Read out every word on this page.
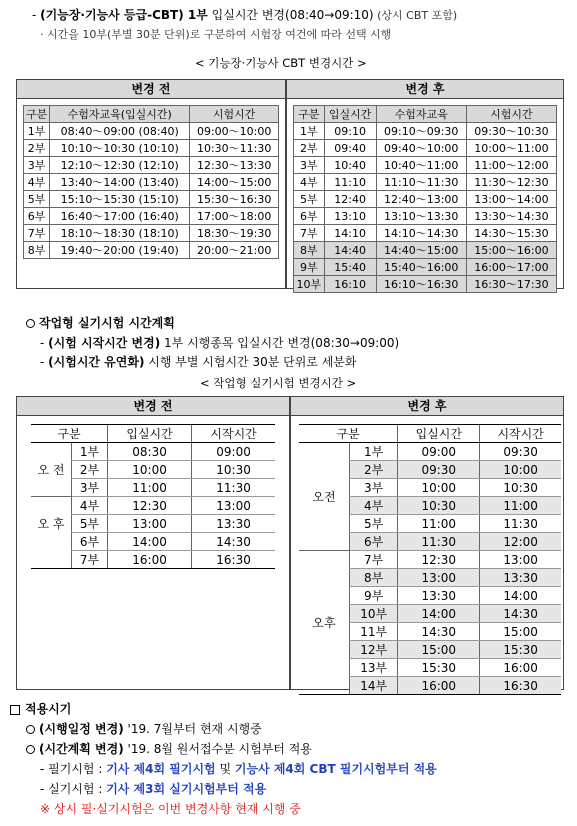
- (기능장·기능사 등급-CBT) 1부 입실시간 변경(08:40→09:10) (상시 CBT 포함)
· 시간을 10부(부별 30분 단위)로 구분하여 시험장 여건에 따라 선택 시행
< 기능장·기능사 CBT 변경시간 >
변경 전
구분	수험자교육(입실시간)	시험시간
1부	08:40～09:00 (08:40)	09:00～10:00
2부	10:10～10:30 (10:10)	10:30～11:30
3부	12:10～12:30 (12:10)	12:30～13:30
4부	13:40～14:00 (13:40)	14:00～15:00
5부	15:10～15:30 (15:10)	15:30～16:30
6부	16:40～17:00 (16:40)	17:00～18:00
7부	18:10～18:30 (18:10)	18:30～19:30
8부	19:40～20:00 (19:40)	20:00～21:00
변경 후
구분	입실시간	수험자교육	시험시간
1부	09:10	09:10～09:30	09:30～10:30
2부	09:40	09:40～10:00	10:00～11:00
3부	10:40	10:40～11:00	11:00～12:00
4부	11:10	11:10～11:30	11:30～12:30
5부	12:40	12:40～13:00	13:00～14:00
6부	13:10	13:10～13:30	13:30～14:30
7부	14:10	14:10～14:30	14:30～15:30
8부	14:40	14:40～15:00	15:00～16:00
9부	15:40	15:40～16:00	16:00～17:00
10부	16:10	16:10～16:30	16:30～17:30
작업형 실기시험 시간계획
- (시험 시작시간 변경) 1부 시행종목 입실시간 변경(08:30→09:00)
- (시험시간 유연화) 시행 부별 시험시간 30분 단위로 세분화
< 작업형 실기시험 변경시간 >
변경 전
구분		입실시간	시작시간
오 전	1부	08:30	09:00
	2부	10:00	10:30
	3부	11:00	11:30
오 후	4부	12:30	13:00
	5부	13:00	13:30
	6부	14:00	14:30
	7부	16:00	16:30
변경 후
구분		입실시간	시작시간
오전	1부	09:00	09:30
	2부	09:30	10:00
	3부	10:00	10:30
	4부	10:30	11:00
	5부	11:00	11:30
	6부	11:30	12:00
오후	7부	12:30	13:00
	8부	13:00	13:30
	9부	13:30	14:00
	10부	14:00	14:30
	11부	14:30	15:00
	12부	15:00	15:30
	13부	15:30	16:00
	14부	16:00	16:30
적용시기
(시행일정 변경) '19. 7월부터 현재 시행중
(시간계획 변경) '19. 8월 원서접수분 시험부터 적용
- 필기시험 : 기사 제4회 필기시험 및 기능사 제4회 CBT 필기시험부터 적용
- 실기시험 : 기사 제3회 실기시험부터 적용
※ 상시 필·실기시험은 이번 변경사항 현재 시행 중
